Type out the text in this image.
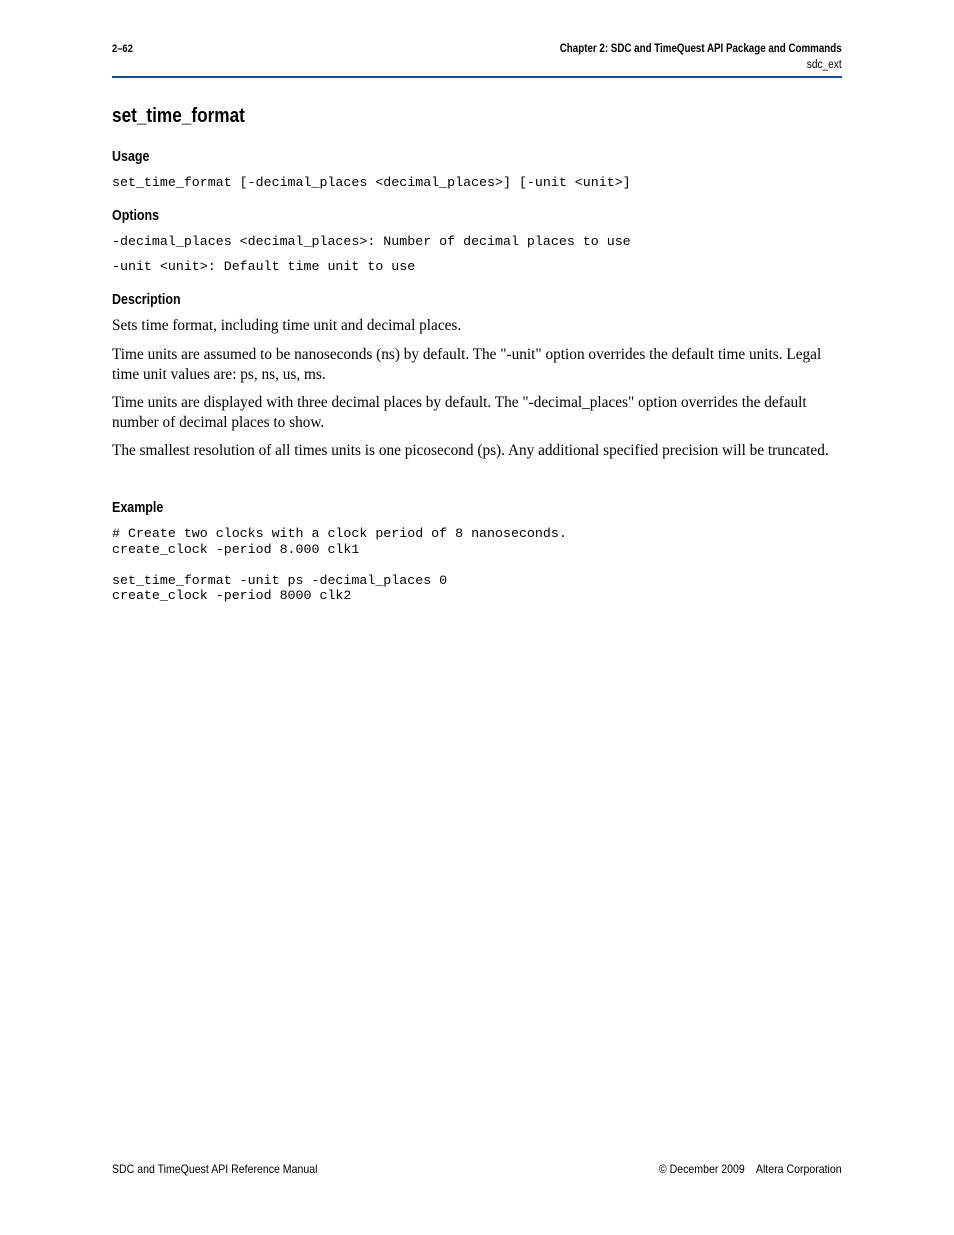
2–62	Chapter 2: SDC and TimeQuest API Package and Commands
sdc_ext
set_time_format
Usage
set_time_format [-decimal_places <decimal_places>] [-unit <unit>]
Options
-decimal_places <decimal_places>: Number of decimal places to use
-unit <unit>: Default time unit to use
Description
Sets time format, including time unit and decimal places.
Time units are assumed to be nanoseconds (ns) by default. The "-unit" option overrides the default time units. Legal time unit values are: ps, ns, us, ms.
Time units are displayed with three decimal places by default. The "-decimal_places" option overrides the default number of decimal places to show.
The smallest resolution of all times units is one picosecond (ps). Any additional specified precision will be truncated.
Example
# Create two clocks with a clock period of 8 nanoseconds.
create_clock -period 8.000 clk1

set_time_format -unit ps -decimal_places 0
create_clock -period 8000 clk2
SDC and TimeQuest API Reference Manual	© December 2009    Altera Corporation
